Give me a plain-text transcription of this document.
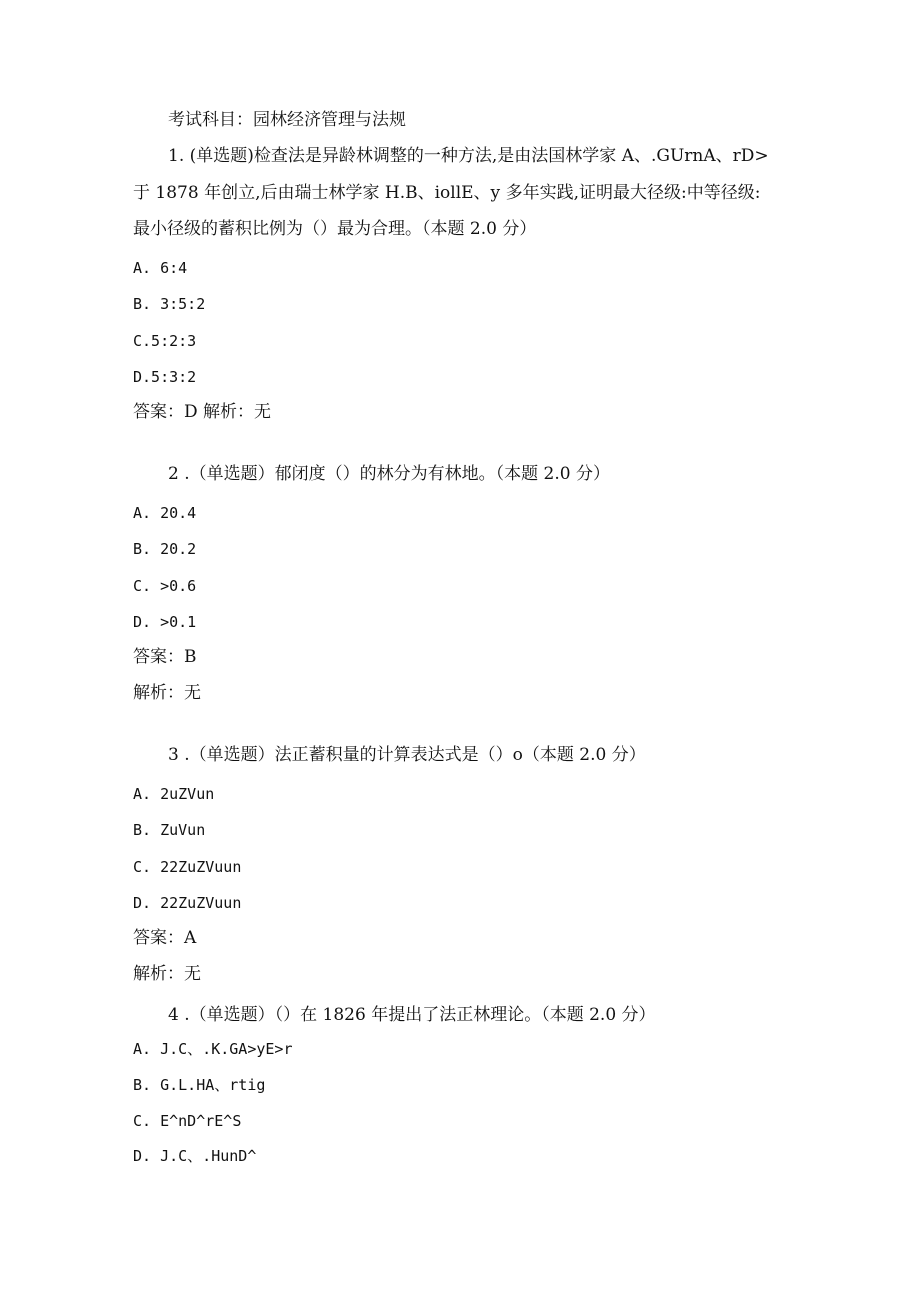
考试科目：园林经济管理与法规
1. (单选题)检查法是异龄林调整的一种方法,是由法国林学家 A、.GUrnA、rD>
于 1878 年创立,后由瑞士林学家 H.B、iollE、y 多年实践,证明最大径级:中等径级:
最小径级的蓄积比例为（）最为合理。（本题 2.0 分）
A. 6:4
B. 3:5:2
C.5:2:3
D.5:3:2
答案：D 解析：无
2 .（单选题）郁闭度（）的林分为有林地。（本题 2.0 分）
A. 20.4
B. 20.2
C. >0.6
D. >0.1
答案：B
解析：无
3 .（单选题）法正蓄积量的计算表达式是（）o（本题 2.0 分）
A. 2uZVun
B. ZuVun
C. 22ZuZVuun
D. 22ZuZVuun
答案：A
解析：无
4 .（单选题）（）在 1826 年提出了法正林理论。（本题 2.0 分）
A. J.C、.K.GA>yE>r
B. G.L.HA、rtig
C. E^nD^rE^S
D. J.C、.HunD^
